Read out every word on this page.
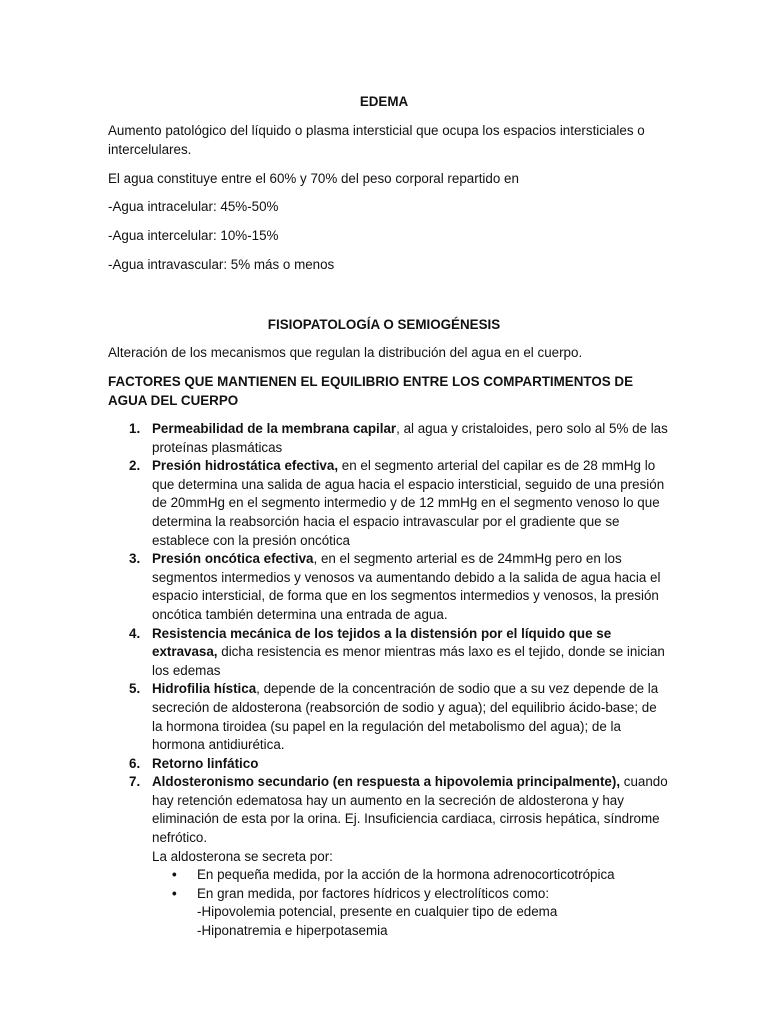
EDEMA
Aumento patológico del líquido o plasma intersticial que ocupa los espacios intersticiales o intercelulares.
El agua constituye entre el 60% y 70% del peso corporal repartido en
-Agua intracelular: 45%-50%
-Agua intercelular: 10%-15%
-Agua intravascular: 5% más o menos
FISIOPATOLOGÍA O SEMIOGÉNESIS
Alteración de los mecanismos que regulan la distribución del agua en el cuerpo.
FACTORES QUE MANTIENEN EL EQUILIBRIO ENTRE LOS COMPARTIMENTOS DE AGUA DEL CUERPO
1. Permeabilidad de la membrana capilar, al agua y cristaloides, pero solo al 5% de las proteínas plasmáticas
2. Presión hidrostática efectiva, en el segmento arterial del capilar es de 28 mmHg lo que determina una salida de agua hacia el espacio intersticial, seguido de una presión de 20mmHg en el segmento intermedio y de 12 mmHg en el segmento venoso lo que determina la reabsorción hacia el espacio intravascular por el gradiente que se establece con la presión oncótica
3. Presión oncótica efectiva, en el segmento arterial es de 24mmHg pero en los segmentos intermedios y venosos va aumentando debido a la salida de agua hacia el espacio intersticial, de forma que en los segmentos intermedios y venosos, la presión oncótica también determina una entrada de agua.
4. Resistencia mecánica de los tejidos a la distensión por el líquido que se extravasa, dicha resistencia es menor mientras más laxo es el tejido, donde se inician los edemas
5. Hidrofilia hística, depende de la concentración de sodio que a su vez depende de la secreción de aldosterona (reabsorción de sodio y agua); del equilibrio ácido-base; de la hormona tiroidea (su papel en la regulación del metabolismo del agua); de la hormona antidiurética.
6. Retorno linfático
7. Aldosteronismo secundario (en respuesta a hipovolemia principalmente), cuando hay retención edematosa hay un aumento en la secreción de aldosterona y hay eliminación de esta por la orina. Ej. Insuficiencia cardiaca, cirrosis hepática, síndrome nefrótico.
La aldosterona se secreta por:
• En pequeña medida, por la acción de la hormona adrenocorticotrópica
• En gran medida, por factores hídricos y electrolíticos como:
-Hipovolemia potencial, presente en cualquier tipo de edema
-Hiponatremia e hiperpotasemia
